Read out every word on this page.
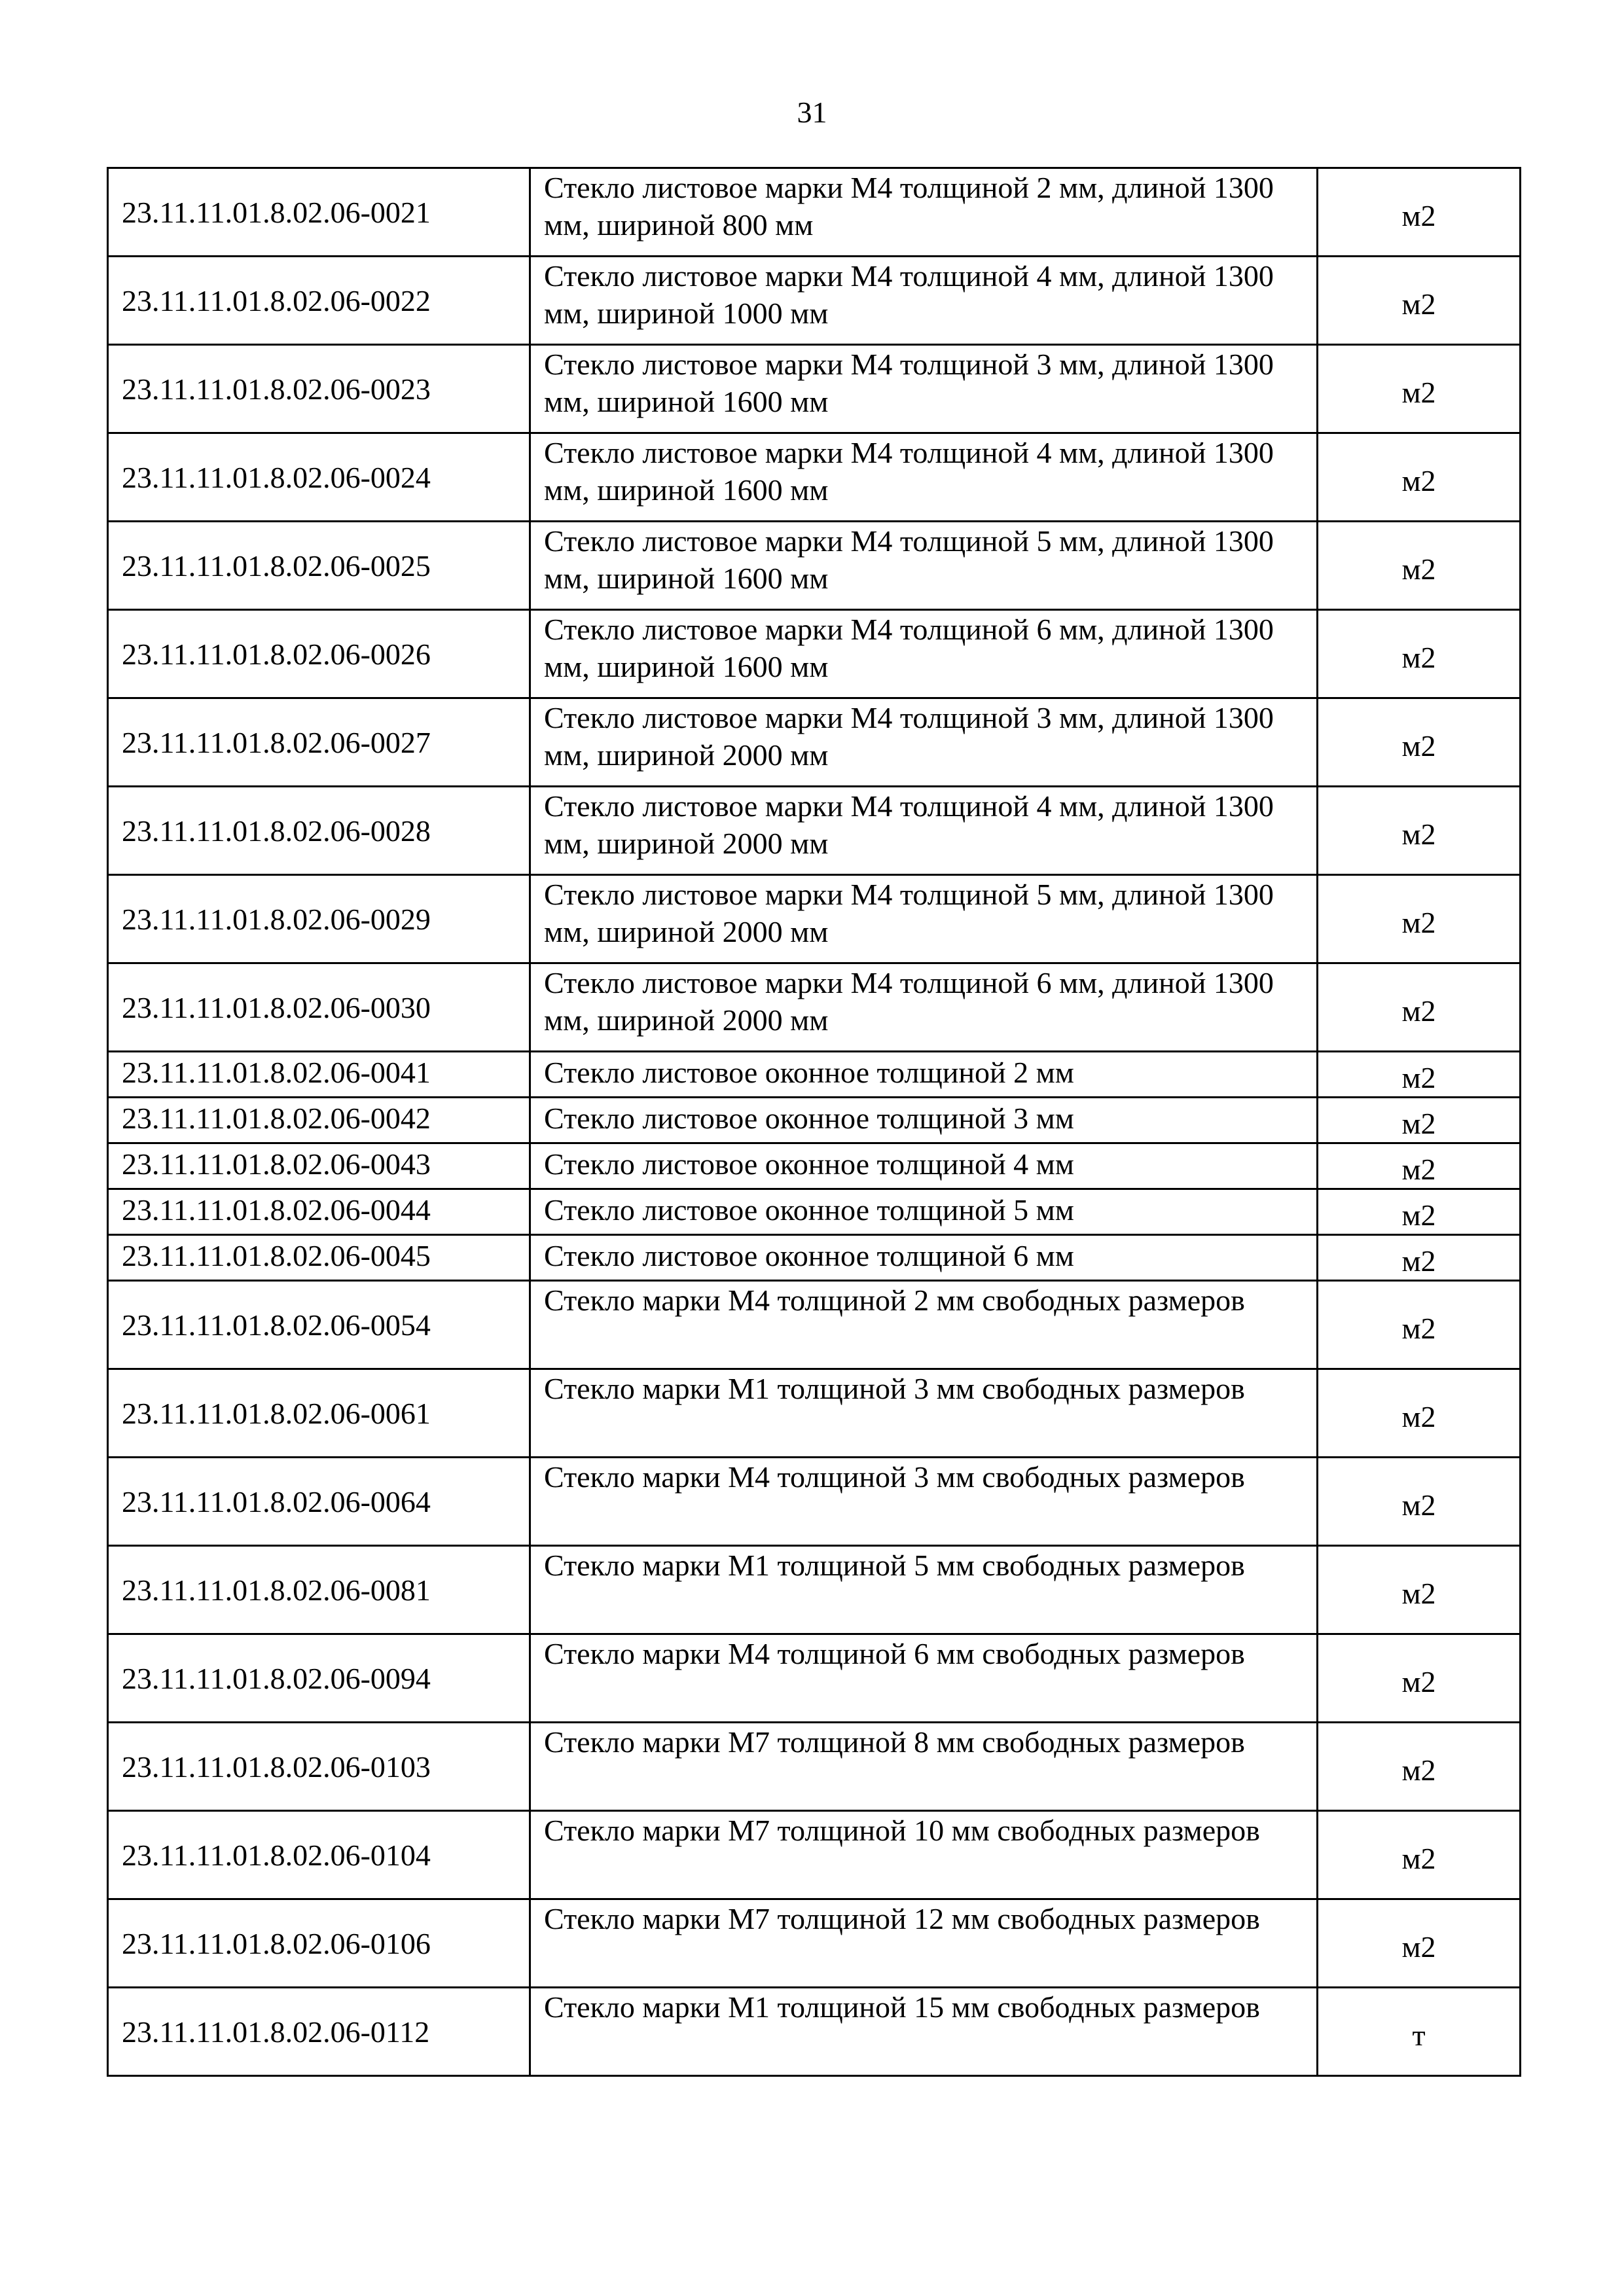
31
23.11.11.01.8.02.06-0021	Стекло листовое марки М4 толщиной 2 мм, длиной 1300 мм, шириной 800 мм	м2
23.11.11.01.8.02.06-0022	Стекло листовое марки М4 толщиной 4 мм, длиной 1300 мм, шириной 1000 мм	м2
23.11.11.01.8.02.06-0023	Стекло листовое марки М4 толщиной 3 мм, длиной 1300 мм, шириной 1600 мм	м2
23.11.11.01.8.02.06-0024	Стекло листовое марки М4 толщиной 4 мм, длиной 1300 мм, шириной 1600 мм	м2
23.11.11.01.8.02.06-0025	Стекло листовое марки М4 толщиной 5 мм, длиной 1300 мм, шириной 1600 мм	м2
23.11.11.01.8.02.06-0026	Стекло листовое марки М4 толщиной 6 мм, длиной 1300 мм, шириной 1600 мм	м2
23.11.11.01.8.02.06-0027	Стекло листовое марки М4 толщиной 3 мм, длиной 1300 мм, шириной 2000 мм	м2
23.11.11.01.8.02.06-0028	Стекло листовое марки М4 толщиной 4 мм, длиной 1300 мм, шириной 2000 мм	м2
23.11.11.01.8.02.06-0029	Стекло листовое марки М4 толщиной 5 мм, длиной 1300 мм, шириной 2000 мм	м2
23.11.11.01.8.02.06-0030	Стекло листовое марки М4 толщиной 6 мм, длиной 1300 мм, шириной 2000 мм	м2
23.11.11.01.8.02.06-0041	Стекло листовое оконное толщиной 2 мм	м2
23.11.11.01.8.02.06-0042	Стекло листовое оконное толщиной 3 мм	м2
23.11.11.01.8.02.06-0043	Стекло листовое оконное толщиной 4 мм	м2
23.11.11.01.8.02.06-0044	Стекло листовое оконное толщиной 5 мм	м2
23.11.11.01.8.02.06-0045	Стекло листовое оконное толщиной 6 мм	м2
23.11.11.01.8.02.06-0054	Стекло марки М4 толщиной 2 мм свободных размеров	м2
23.11.11.01.8.02.06-0061	Стекло марки М1 толщиной 3 мм свободных размеров	м2
23.11.11.01.8.02.06-0064	Стекло марки М4 толщиной 3 мм свободных размеров	м2
23.11.11.01.8.02.06-0081	Стекло марки М1 толщиной 5 мм свободных размеров	м2
23.11.11.01.8.02.06-0094	Стекло марки М4 толщиной 6 мм свободных размеров	м2
23.11.11.01.8.02.06-0103	Стекло марки М7 толщиной 8 мм свободных размеров	м2
23.11.11.01.8.02.06-0104	Стекло марки М7 толщиной 10 мм свободных размеров	м2
23.11.11.01.8.02.06-0106	Стекло марки М7 толщиной 12 мм свободных размеров	м2
23.11.11.01.8.02.06-0112	Стекло марки М1 толщиной 15 мм свободных размеров	т
